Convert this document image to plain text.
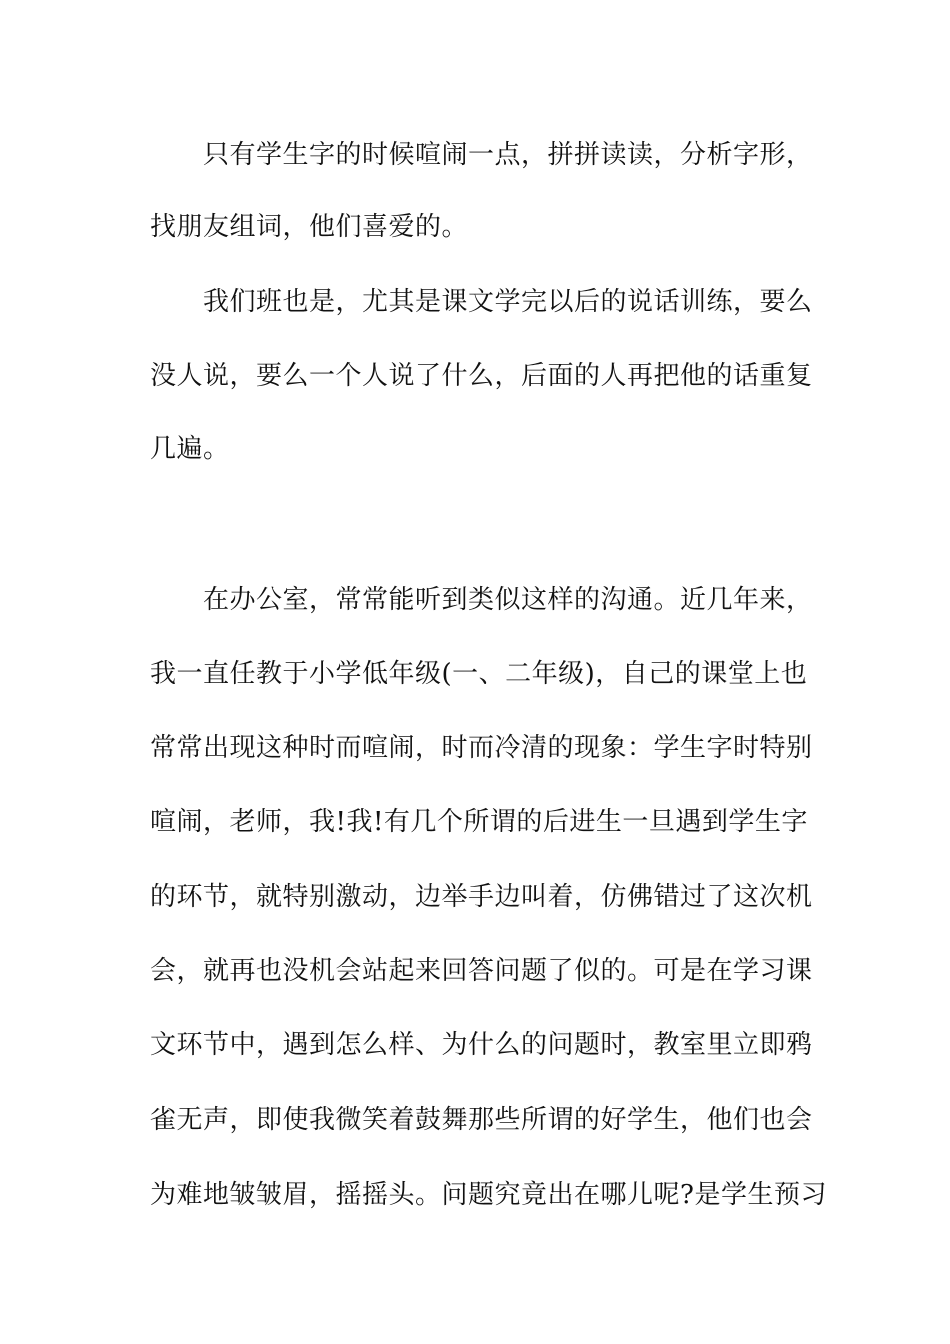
只有学生字的时候喧闹一点，拼拼读读，分析字形，
找朋友组词，他们喜爱的。
我们班也是，尤其是课文学完以后的说话训练，要么
没人说，要么一个人说了什么，后面的人再把他的话重复
几遍。
在办公室，常常能听到类似这样的沟通。近几年来，
我一直任教于小学低年级(一、二年级)，自己的课堂上也
常常出现这种时而喧闹，时而冷清的现象：学生字时特别
喧闹，老师，我!我!有几个所谓的后进生一旦遇到学生字
的环节，就特别激动，边举手边叫着，仿佛错过了这次机
会，就再也没机会站起来回答问题了似的。可是在学习课
文环节中，遇到怎么样、为什么的问题时，教室里立即鸦
雀无声，即使我微笑着鼓舞那些所谓的好学生，他们也会
为难地皱皱眉，摇摇头。问题究竟出在哪儿呢?是学生预习
